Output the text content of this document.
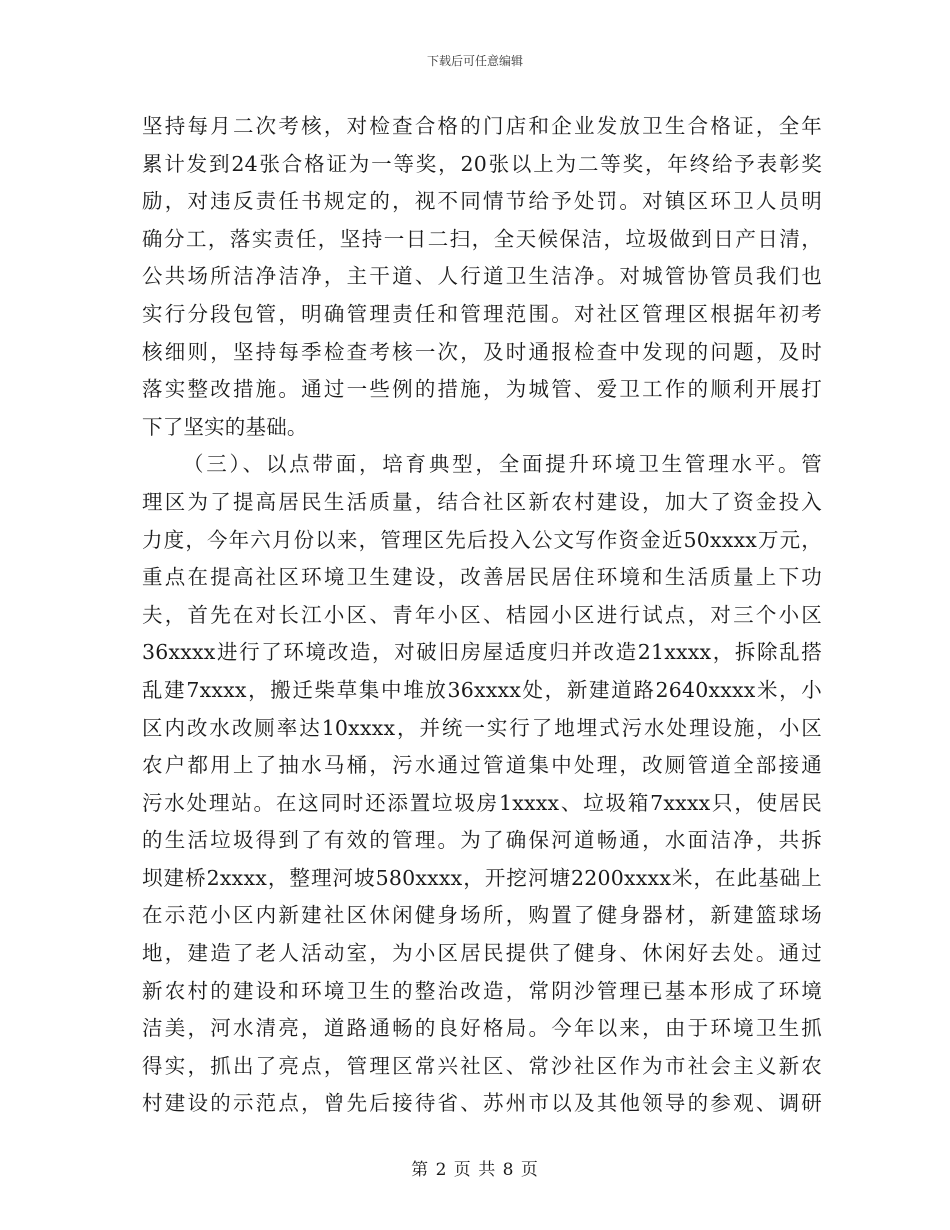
下载后可任意编辑
坚持每月二次考核，对检查合格的门店和企业发放卫生合格证，全年
累计发到24张合格证为一等奖，20张以上为二等奖，年终给予表彰奖
励，对违反责任书规定的，视不同情节给予处罚。对镇区环卫人员明
确分工，落实责任，坚持一日二扫，全天候保洁，垃圾做到日产日清，
公共场所洁净洁净，主干道、人行道卫生洁净。对城管协管员我们也
实行分段包管，明确管理责任和管理范围。对社区管理区根据年初考
核细则，坚持每季检查考核一次，及时通报检查中发现的问题，及时
落实整改措施。通过一些例的措施，为城管、爱卫工作的顺利开展打
下了坚实的基础。
（三）、以点带面，培育典型，全面提升环境卫生管理水平。管
理区为了提高居民生活质量，结合社区新农村建设，加大了资金投入
力度，今年六月份以来，管理区先后投入公文写作资金近50xxxx万元，
重点在提高社区环境卫生建设，改善居民居住环境和生活质量上下功
夫，首先在对长江小区、青年小区、桔园小区进行试点，对三个小区
36xxxx进行了环境改造，对破旧房屋适度归并改造21xxxx，拆除乱搭
乱建7xxxx，搬迁柴草集中堆放36xxxx处，新建道路2640xxxx米，小
区内改水改厕率达10xxxx，并统一实行了地埋式污水处理设施，小区
农户都用上了抽水马桶，污水通过管道集中处理，改厕管道全部接通
污水处理站。在这同时还添置垃圾房1xxxx、垃圾箱7xxxx只，使居民
的生活垃圾得到了有效的管理。为了确保河道畅通，水面洁净，共拆
坝建桥2xxxx，整理河坡580xxxx，开挖河塘2200xxxx米，在此基础上
在示范小区内新建社区休闲健身场所，购置了健身器材，新建篮球场
地，建造了老人活动室，为小区居民提供了健身、休闲好去处。通过
新农村的建设和环境卫生的整治改造，常阴沙管理已基本形成了环境
洁美，河水清亮，道路通畅的良好格局。今年以来，由于环境卫生抓
得实，抓出了亮点，管理区常兴社区、常沙社区作为市社会主义新农
村建设的示范点，曾先后接待省、苏州市以及其他领导的参观、调研
第 2 页 共 8 页
